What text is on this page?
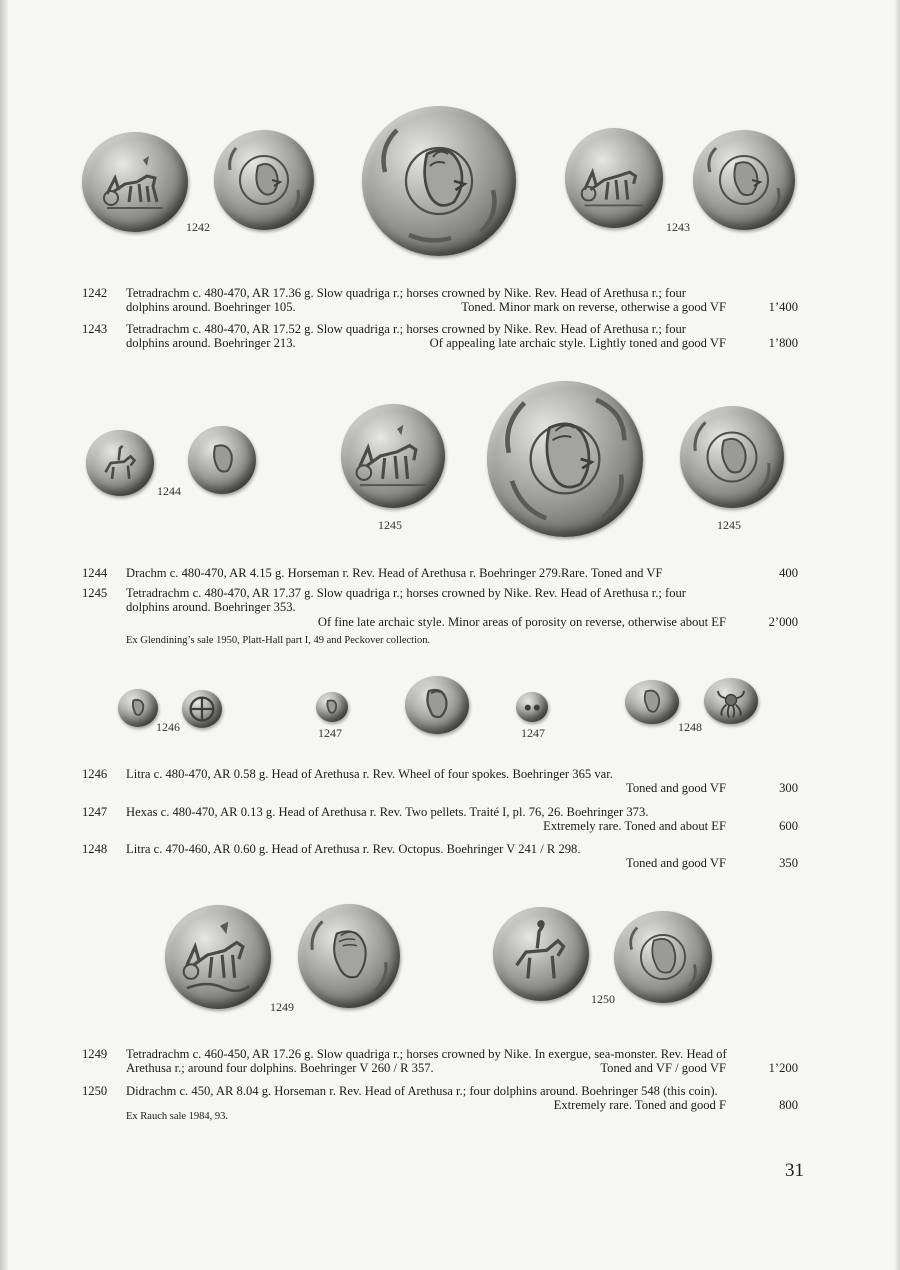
1242	1243
1242	Tetradrachm c. 480-470, AR 17.36 g. Slow quadriga r.; horses crowned by Nike. Rev. Head of Arethusa r.; four
dolphins around. Boehringer 105.	Toned. Minor mark on reverse, otherwise a good VF	1’400
1243	Tetradrachm c. 480-470, AR 17.52 g. Slow quadriga r.; horses crowned by Nike. Rev. Head of Arethusa r.; four
dolphins around. Boehringer 213.	Of appealing late archaic style. Lightly toned and good VF	1’800
1244
1245	1245
1244	Drachm c. 480-470, AR 4.15 g. Horseman r. Rev. Head of Arethusa r. Boehringer 279.Rare. Toned and VF	400
1245	Tetradrachm c. 480-470, AR 17.37 g. Slow quadriga r.; horses crowned by Nike. Rev. Head of Arethusa r.; four
dolphins around. Boehringer 353.
Of fine late archaic style. Minor areas of porosity on reverse, otherwise about EF	2’000
Ex Glendining’s sale 1950, Platt-Hall part I, 49 and Peckover collection.
1246	1247	1247	1248
1246	Litra c. 480-470, AR 0.58 g. Head of Arethusa r. Rev. Wheel of four spokes. Boehringer 365 var.
Toned and good VF	300
1247	Hexas c. 480-470, AR 0.13 g. Head of Arethusa r. Rev. Two pellets. Traité I, pl. 76, 26. Boehringer 373.
Extremely rare. Toned and about EF	600
1248	Litra c. 470-460, AR 0.60 g. Head of Arethusa r. Rev. Octopus. Boehringer V 241 / R 298.
Toned and good VF	350
1249
1250
1249	Tetradrachm c. 460-450, AR 17.26 g. Slow quadriga r.; horses crowned by Nike. In exergue, sea-monster. Rev. Head of
Arethusa r.; around four dolphins. Boehringer V 260 / R 357.	Toned and VF / good VF	1’200
1250	Didrachm c. 450, AR 8.04 g. Horseman r. Rev. Head of Arethusa r.; four dolphins around. Boehringer 548 (this coin).
Extremely rare. Toned and good F	800
Ex Rauch sale 1984, 93.
31
